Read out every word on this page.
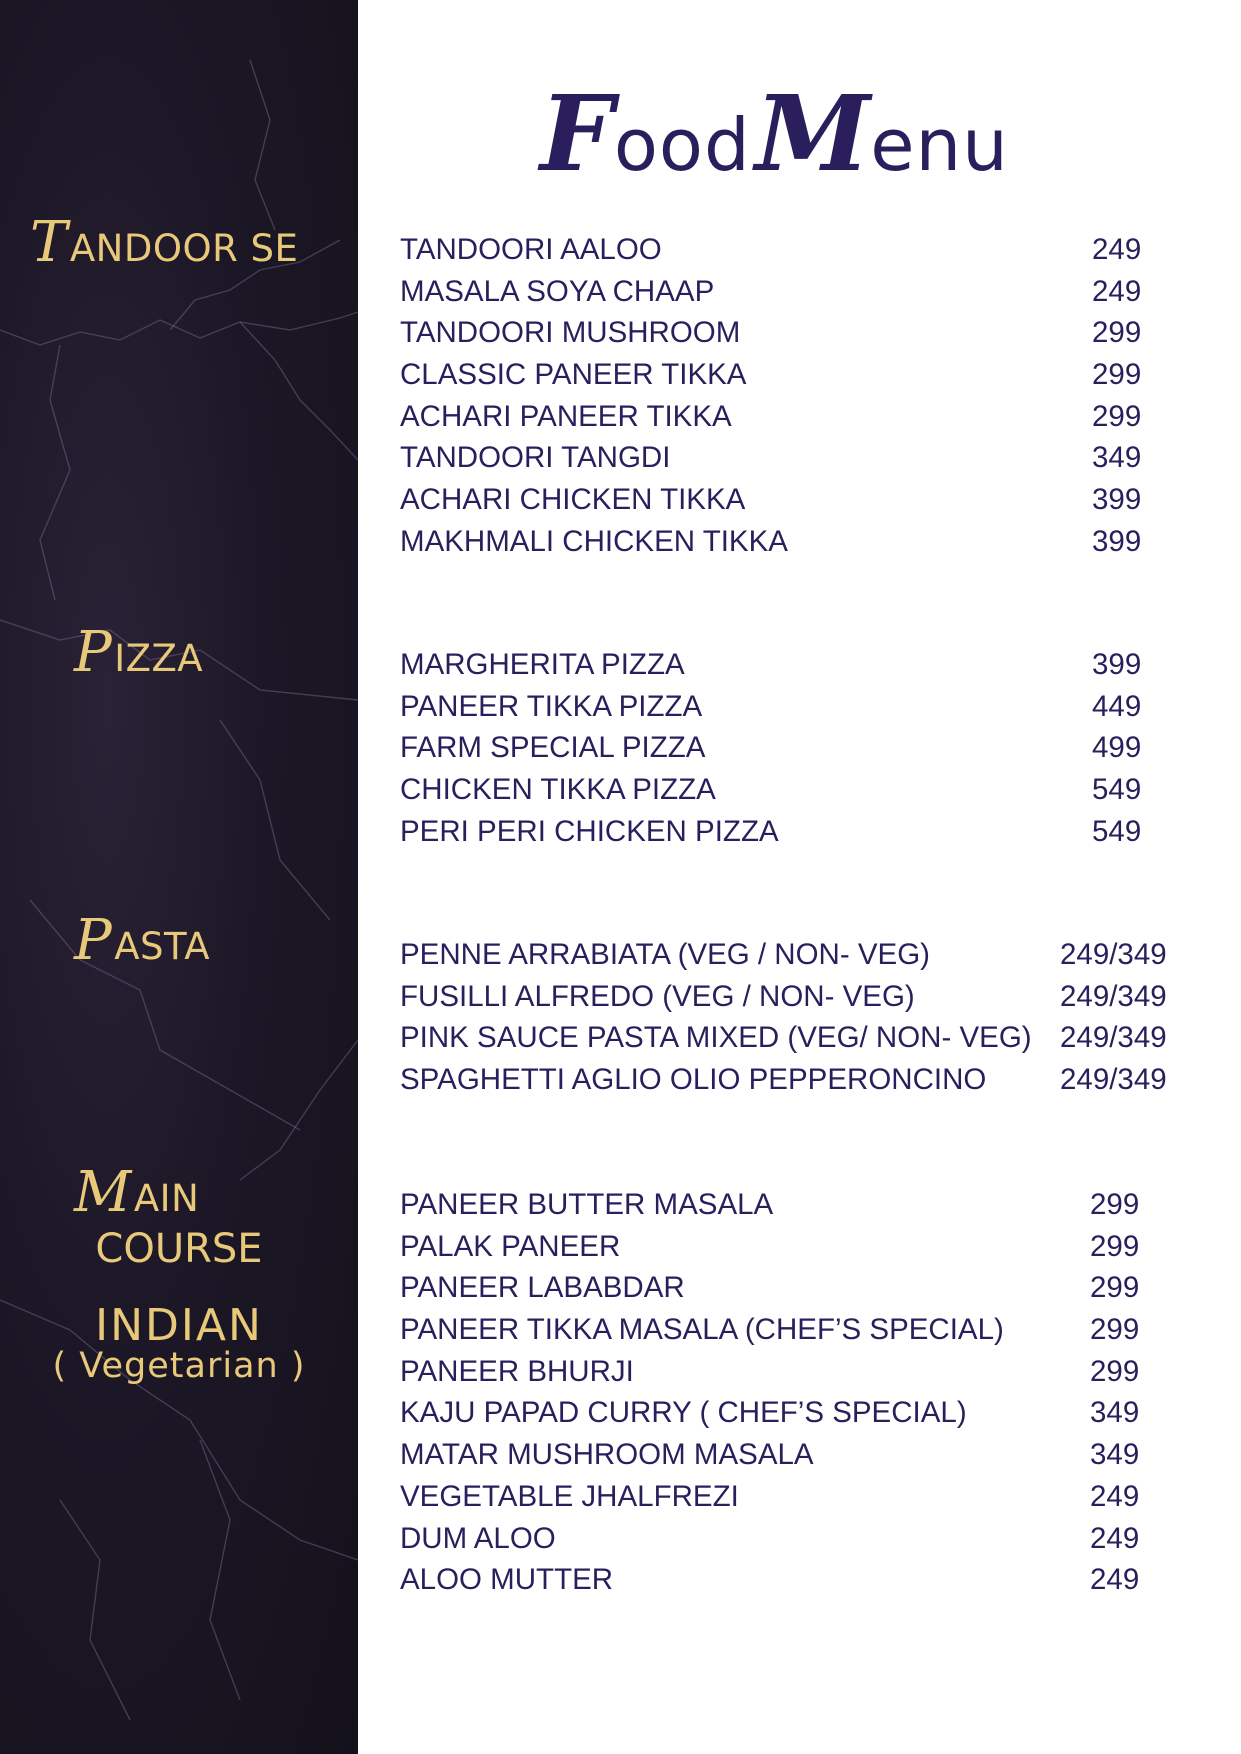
TANDOOR SE
PIZZA
PASTA
MAIN
COURSE
INDIAN
( Vegetarian )
Food Menu
TANDOORI AALOO	249
MASALA SOYA CHAAP	249
TANDOORI MUSHROOM	299
CLASSIC PANEER TIKKA	299
ACHARI PANEER TIKKA	299
TANDOORI TANGDI	349
ACHARI CHICKEN TIKKA	399
MAKHMALI CHICKEN TIKKA	399
MARGHERITA PIZZA	399
PANEER TIKKA PIZZA	449
FARM SPECIAL PIZZA	499
CHICKEN TIKKA PIZZA	549
PERI PERI CHICKEN PIZZA	549
PENNE ARRABIATA (VEG / NON- VEG)	249/349
FUSILLI ALFREDO (VEG / NON- VEG)	249/349
PINK SAUCE PASTA MIXED (VEG/ NON- VEG) 249/349
SPAGHETTI AGLIO OLIO PEPPERONCINO 249/349
PANEER BUTTER MASALA	299
PALAK PANEER	299
PANEER LABABDAR	299
PANEER TIKKA MASALA (CHEF’S SPECIAL)	299
PANEER BHURJI	299
KAJU PAPAD CURRY ( CHEF’S SPECIAL)	349
MATAR MUSHROOM MASALA	349
VEGETABLE JHALFREZI	249
DUM ALOO	249
ALOO MUTTER	249
